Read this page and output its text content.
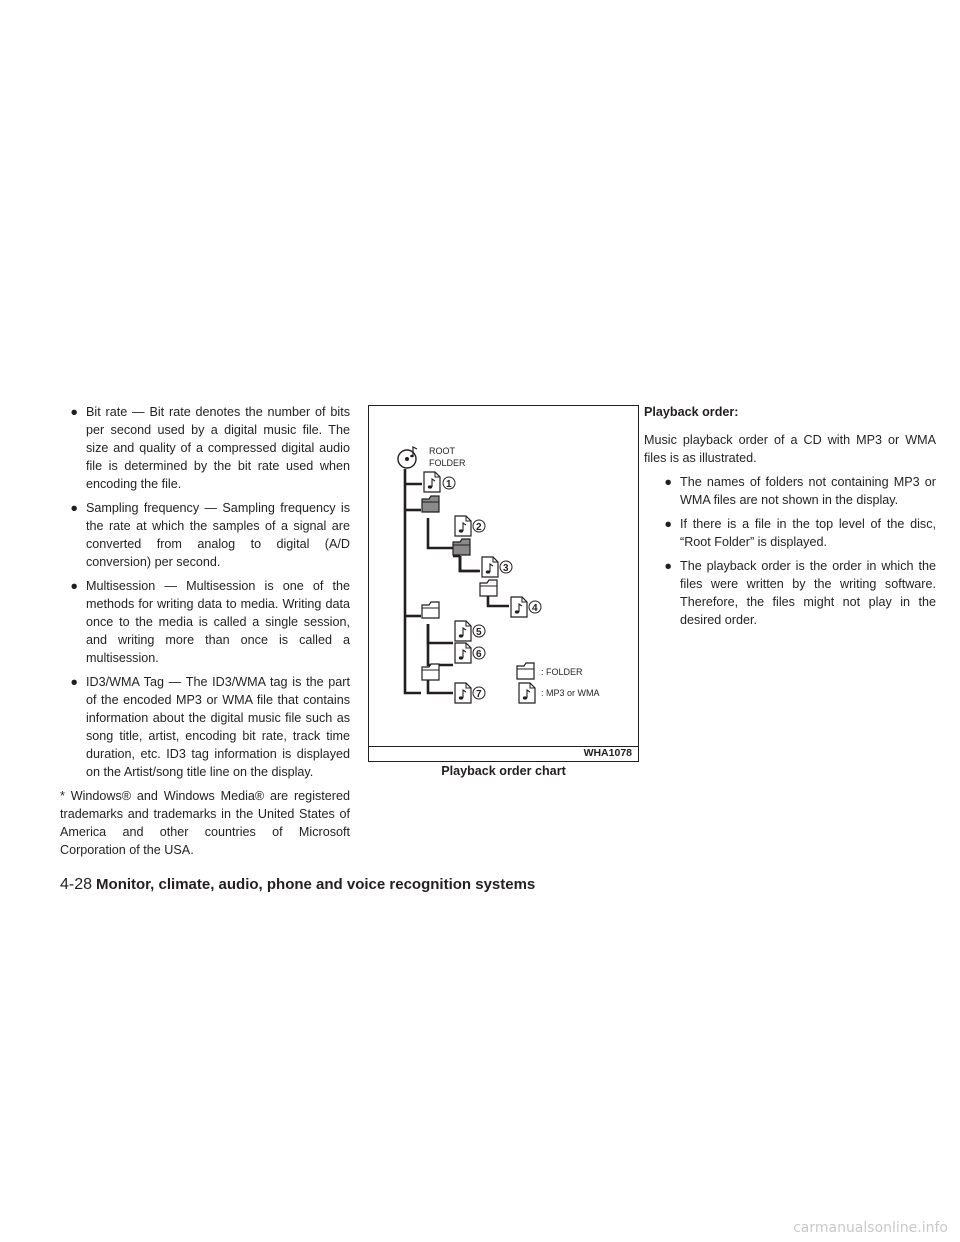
● Bit rate — Bit rate denotes the number of bits per second used by a digital music file. The size and quality of a compressed digital audio file is determined by the bit rate used when encoding the file.
● Sampling frequency — Sampling frequency is the rate at which the samples of a signal are converted from analog to digital (A/D conversion) per second.
● Multisession — Multisession is one of the methods for writing data to media. Writing data once to the media is called a single session, and writing more than once is called a multisession.
● ID3/WMA Tag — The ID3/WMA tag is the part of the encoded MP3 or WMA file that contains information about the digital music file such as song title, artist, encoding bit rate, track time duration, etc. ID3 tag information is displayed on the Artist/song title line on the display.
* Windows® and Windows Media® are registered trademarks and trademarks in the United States of America and other countries of Microsoft Corporation of the USA.
ROOT
FOLDER
1
2
3
4
5
6
7
: FOLDER
: MP3 or WMA
WHA1078
Playback order chart
Playback order:
Music playback order of a CD with MP3 or WMA files is as illustrated.
● The names of folders not containing MP3 or WMA files are not shown in the display.
● If there is a file in the top level of the disc, “Root Folder” is displayed.
● The playback order is the order in which the files were written by the writing software. Therefore, the files might not play in the desired order.
4-28 Monitor, climate, audio, phone and voice recognition systems
carmanualsonline.info
